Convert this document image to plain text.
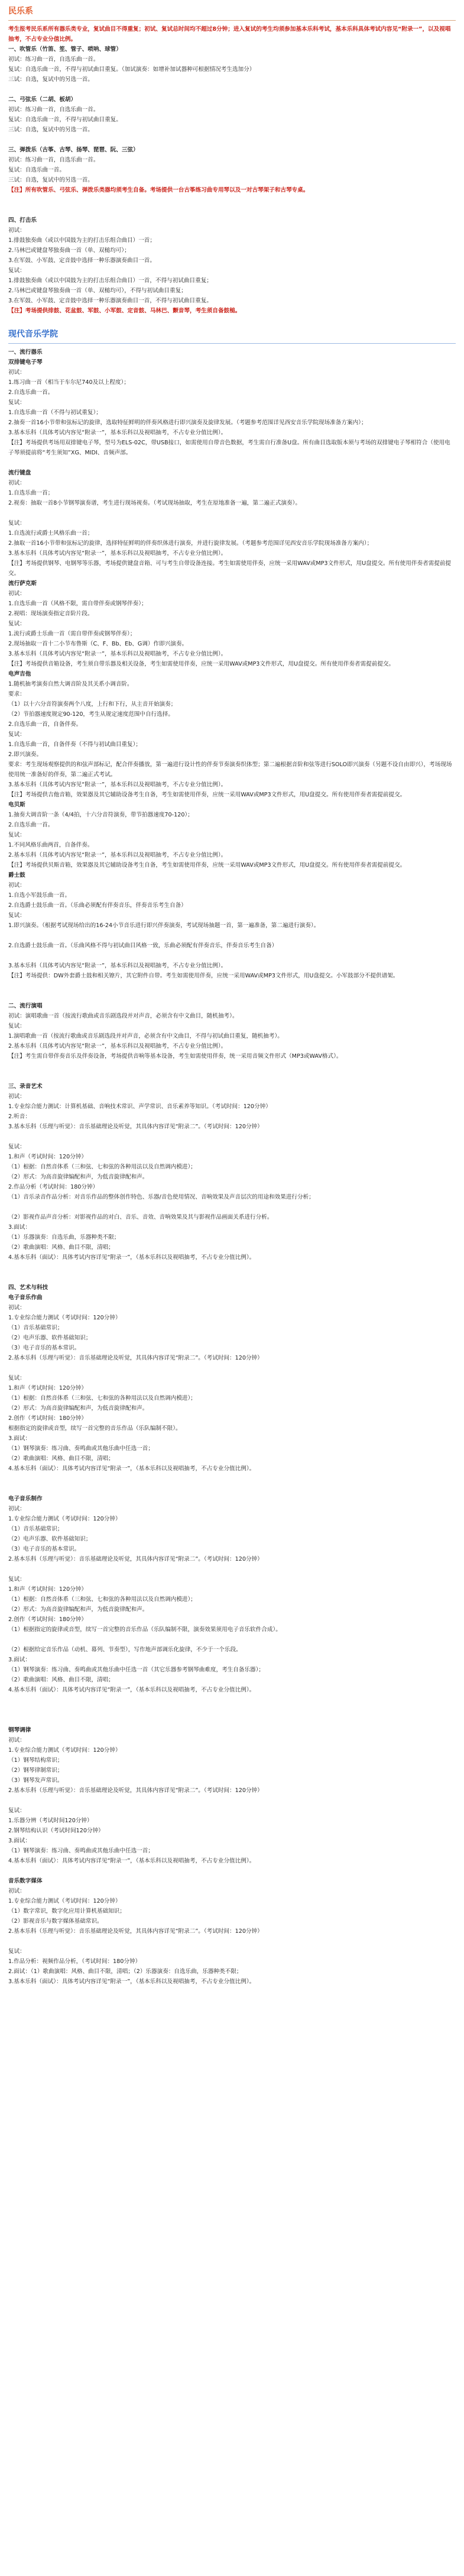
民乐系
考生报考民乐系所有器乐类专业，复试曲目不得重复；初试、复试总时间均不超过8分钟；进入复试的考生均须参加基本乐科考试，基本乐科具体考试内容见“附录一”，以及视唱抽考，不占专业分值比例。
一、吹管乐（竹笛、笙、管子、唢呐、球管）
初试：练习曲一首，自选乐曲一首。
复试：自选乐曲一首，不得与初试曲目重复。（加试演奏：如增补加试器种可根据情况考生选加分）
三试：自选，复试中的另选一首。
二、弓弦乐（二胡、板胡）
初试：练习曲一首，自选乐曲一首。
复试：自选乐曲一首，不得与初试曲目重复。
三试：自选，复试中的另选一首。
三、弹拨乐（古筝、古琴、扬琴、琵琶、阮、三弦）
初试：练习曲一首，自选乐曲一首。
复试：自选乐曲一首。
三试：自选，复试中的另选一首。
【注】所有吹管乐、弓弦乐、弹拨乐类器均须考生自备。考场提供一台古筝练习曲专用琴以及一对古琴架子和古琴专桌。
四、打击乐
初试：
1.排鼓独奏曲（或以中国鼓为主的打击乐组合曲目）一首；
2.马林巴或键盘琴独奏曲一首（单、双槌均可）；
3.在军鼓、小军鼓、定音鼓中选择一种乐器演奏曲目一首。
复试：
1.排鼓独奏曲（或以中国鼓为主的打击乐组合曲目）一首，不得与初试曲目重复；
2.马林巴或键盘琴独奏曲一首（单、双槌均可），不得与初试曲目重复；
3.在军鼓、小军鼓、定音鼓中选择一种乐器演奏曲目一首，不得与初试曲目重复。
【注】考场提供排鼓、花盆鼓、军鼓、小军鼓、定音鼓、马林巴、颤音琴，考生须自备鼓槌。
现代音乐学院
一、流行器乐
双排键电子琴
初试：
1.练习曲一首（相当于车尔尼740及以上程度）；
2.自选乐曲一首。
复试：
1.自选乐曲一首（不得与初试重复）；
2.抽奏一首16小节带和弦标记的旋律，选取特征鲜明的伴奏风格进行即兴演奏及旋律发展。（考题参考范围详见西安音乐学院现场准备方案内）；
3.基本乐科（具体考试内容见“附录一”，基本乐科以及视唱抽考，不占专业分值比例）。
【注】考场提供考场用双排键电子琴，型号为ELS-02C，带USB接口，如需使用自带音色数据，考生需自行准备U盘。所有曲目选取版本须与考场的双排键电子琴相符合（使用电子琴须提前将“考生须知”XG、MIDI、音频声部。
流行键盘
初试：
1.自选乐曲一首；
2.视奏：抽取一首8小节钢琴演奏谱，考生进行现场视奏。（考试现场抽取，考生在原地准备一遍，第二遍正式演奏）。
复试：
1.自选流行或爵士风格乐曲一首；
2.抽取一首16小节带和弦标记的旋律，选择特征鲜明的伴奏织体进行演奏，并进行旋律发展。（考题参考范围详见西安音乐学院现场准备方案内）；
3.基本乐科（具体考试内容见“附录一”，基本乐科以及视唱抽考，不占专业分值比例）。
【注】考场提供钢琴、电钢琴等乐器，考场提供键盘音箱、可与考生自带设备连接。考生如需使用伴奏，应统一采用WAV或MP3文件形式，用U盘提交。所有使用伴奏者需提前提交。
流行萨克斯
初试：
1.自选乐曲一首（风格不限，需自带伴奏或钢琴伴奏）；
2.视唱：现场演奏指定音阶片段。
复试：
1.流行或爵士乐曲一首（需自带伴奏或钢琴伴奏）；
2.现场抽取一首十二小节布鲁斯（C、F、Bb、Eb、G调）作即兴演奏。
3.基本乐科（具体考试内容见“附录一”，基本乐科以及视唱抽考，不占专业分值比例）。
【注】考场提供音箱设备，考生须自带乐器及相关设备，考生如需使用伴奏，应统一采用WAV或MP3文件形式，用U盘提交。所有使用伴奏者需提前提交。
电声吉他
1.随机抽考演奏自然大调音阶及其关系小调音阶。
要求：
（1）以十六分音符演奏两个八度，上行和下行，从主音开始演奏；
（2）节拍器速度规定90-120，考生从规定速度范围中自行选择。
2.自选乐曲一首，自备伴奏。
复试：
1.自选乐曲一首，自备伴奏（不得与初试曲目重复）；
2.即兴演奏。
要求：考生现场观察提供的和弦声部标记，配合伴奏播放，第一遍进行设计性的伴奏节奏演奏织体型；第二遍根据音阶和弦等进行SOLO即兴演奏（另题不设自由即兴），考场现场使用统一准备好的伴奏，第二遍正式考试。
3.基本乐科（具体考试内容见“附录一”，基本乐科以及视唱抽考，不占专业分值比例）。
【注】考场提供吉他音箱，效果器及其它辅助设备考生自备，考生如需使用伴奏，应统一采用WAV或MP3文件形式，用U盘提交。所有使用伴奏者需提前提交。
电贝斯
1.抽奏大调音阶一条（4/4拍，十六分音符演奏，带节拍器速度70-120）；
2.自选乐曲一首。
复试：
1.不同风格乐曲两首，自备伴奏。
2.基本乐科（具体考试内容见“附录一”，基本乐科以及视唱抽考，不占专业分值比例）。
【注】考场提供贝斯音箱，效果器及其它辅助设备考生自备，考生如需使用伴奏，应统一采用WAV或MP3文件形式，用U盘提交。所有使用伴奏者需提前提交。
爵士鼓
初试：
1.自选小军鼓乐曲一首。
2.自选爵士鼓乐曲一首。（乐曲必须配有伴奏音乐，伴奏音乐考生自备）
复试：
1.即兴演奏。（根据考试现场给出的16-24小节音乐进行即兴伴奏演奏，考试现场抽题一首，第一遍准备，第二遍进行演奏）。
2.自选爵士鼓乐曲一首。（乐曲风格不得与初试曲目风格一致，乐曲必须配有伴奏音乐，伴奏音乐考生自备）
3.基本乐科（具体考试内容见“附录一”，基本乐科以及视唱抽考，不占专业分值比例）。
【注】考场提供：DW外套爵士鼓和相关镲片，其它附件自带。考生如需使用伴奏，应统一采用WAV或MP3文件形式，用U盘提交。小军鼓部分不提供谱架。
二、流行演唱
初试：演唱歌曲一首（按流行歌曲或音乐剧选段并对声音，必须含有中文曲目，随机抽考）。
复试：
1.演唱歌曲一首（按流行歌曲或音乐剧选段并对声音，必须含有中文曲目，不得与初试曲目重复，随机抽考）。
2.基本乐科（具体考试内容见“附录一”，基本乐科以及视唱抽考，不占专业分值比例）。
【注】考生需自带伴奏音乐及伴奏设备，考场提供音响等基本设备，考生如需使用伴奏，统一采用音频文件形式（MP3或WAV格式）。
三、录音艺术
初试：
1.专业综合能力测试：计算机基础、音响技术常识、声学常识、音乐素养等知识。（考试时间：120分钟）
2.听音：
3.基本乐科（乐理与听觉）：音乐基础理论及听觉，其具体内容详见“附录二”。（考试时间：120分钟）
复试：
1.和声（考试时间：120分钟）
（1）根据：自然音体系（三和弦、七和弦的各种用法以及自然调内模进）；
（2）形式：为高音旋律编配和声，为低音旋律配和声。
2.作品分析（考试时间：180分钟）
（1）音乐录音作品分析：对音乐作品的整体创作特色、乐器/音色使用情况、音响效果及声音层次的用途和效果进行分析；
（2）影视作品声音分析：对影视作品的对白、音乐、音效、音响效果及其与影视作品画面关系进行分析。
3.面试：
（1）乐器演奏：自选乐曲，乐器种类不限；
（2）歌曲演唱：风格、曲目不限，清唱；
4.基本乐科（面试）：具体考试内容详见“附录一”，（基本乐科以及视唱抽考，不占专业分值比例）。
四、艺术与科技
电子音乐作曲
初试：
1.专业综合能力测试（考试时间：120分钟）
（1）音乐基础常识；
（2）电声乐器、软件基础知识；
（3）电子音乐的基本常识。
2.基本乐科（乐理与听觉）：音乐基础理论及听觉，其具体内容详见“附录二”。（考试时间：120分钟）
复试：
1.和声（考试时间：120分钟）
（1）根据：自然音体系（三和弦、七和弦的各种用法以及自然调内模进）；
（2）形式：为高音旋律编配和声，为低音旋律配和声。
2.创作（考试时间：180分钟）
根据指定的旋律或音型，续写一首完整的音乐作品（乐队编制不限）。
3.面试：
（1）钢琴演奏：练习曲、奏鸣曲或其他乐曲中任选一首；
（2）歌曲演唱：风格、曲目不限，清唱；
4.基本乐科（面试）：具体考试内容详见“附录一”，（基本乐科以及视唱抽考，不占专业分值比例）。
电子音乐制作
初试：
1.专业综合能力测试（考试时间：120分钟）
（1）音乐基础常识；
（2）电声乐器、软件基础知识；
（3）电子音乐的基本常识。
2.基本乐科（乐理与听觉）：音乐基础理论及听觉，其具体内容详见“附录二”。（考试时间：120分钟）
复试：
1.和声（考试时间：120分钟）
（1）根据：自然音体系（三和弦、七和弦的各种用法以及自然调内模进）；
（2）形式：为高音旋律编配和声，为低音旋律配和声。
2.创作（考试时间：180分钟）
（1）根据指定的旋律或音型，续写一首完整的音乐作品（乐队编制不限，演奏效果须用电子音乐软件合成）。
（2）根据给定音乐作品（动机、幕列、节奏型），写作地声部调乐化旋律，不少于一个乐段。
3.面试：
（1）钢琴演奏：练习曲、奏鸣曲或其他乐曲中任选一首（其它乐器参考钢琴曲难度，考生自备乐器）；
（2）歌曲演唱：风格、曲目不限，清唱；
4.基本乐科（面试）：具体考试内容详见“附录一”，（基本乐科以及视唱抽考，不占专业分值比例）。
钢琴调律
初试：
1.专业综合能力测试（考试时间：120分钟）
（1）钢琴结构常识；
（2）钢琴律制常识；
（3）钢琴发声常识。
2.基本乐科（乐理与听觉）：音乐基础理论及听觉，其具体内容详见“附录二”。（考试时间：120分钟）
复试：
1.乐器分辨（考试时间120分钟）
2.钢琴结构认识（考试时间120分钟）
3.面试：
（1）钢琴演奏：练习曲、奏鸣曲或其他乐曲中任选一首；
4.基本乐科（面试）：具体考试内容详见“附录一”，（基本乐科以及视唱抽考，不占专业分值比例）。
音乐数字媒体
初试：
1.专业综合能力测试（考试时间：120分钟）
（1）数字常识，数字化应用计算机基础知识；
（2）影视音乐与数字媒体基础常识。
2.基本乐科（乐理与听觉）：音乐基础理论及听觉，其具体内容详见“附录二”。（考试时间：120分钟）
复试：
1.作品分析：视频作品分析，（考试时间：180分钟）
2.面试：（1）歌曲演唱：风格、曲目不限，清唱；（2）乐器演奏：自选乐曲，乐器种类不限；
3.基本乐科（面试）：具体考试内容详见“附录一”，（基本乐科以及视唱抽考，不占专业分值比例）。
